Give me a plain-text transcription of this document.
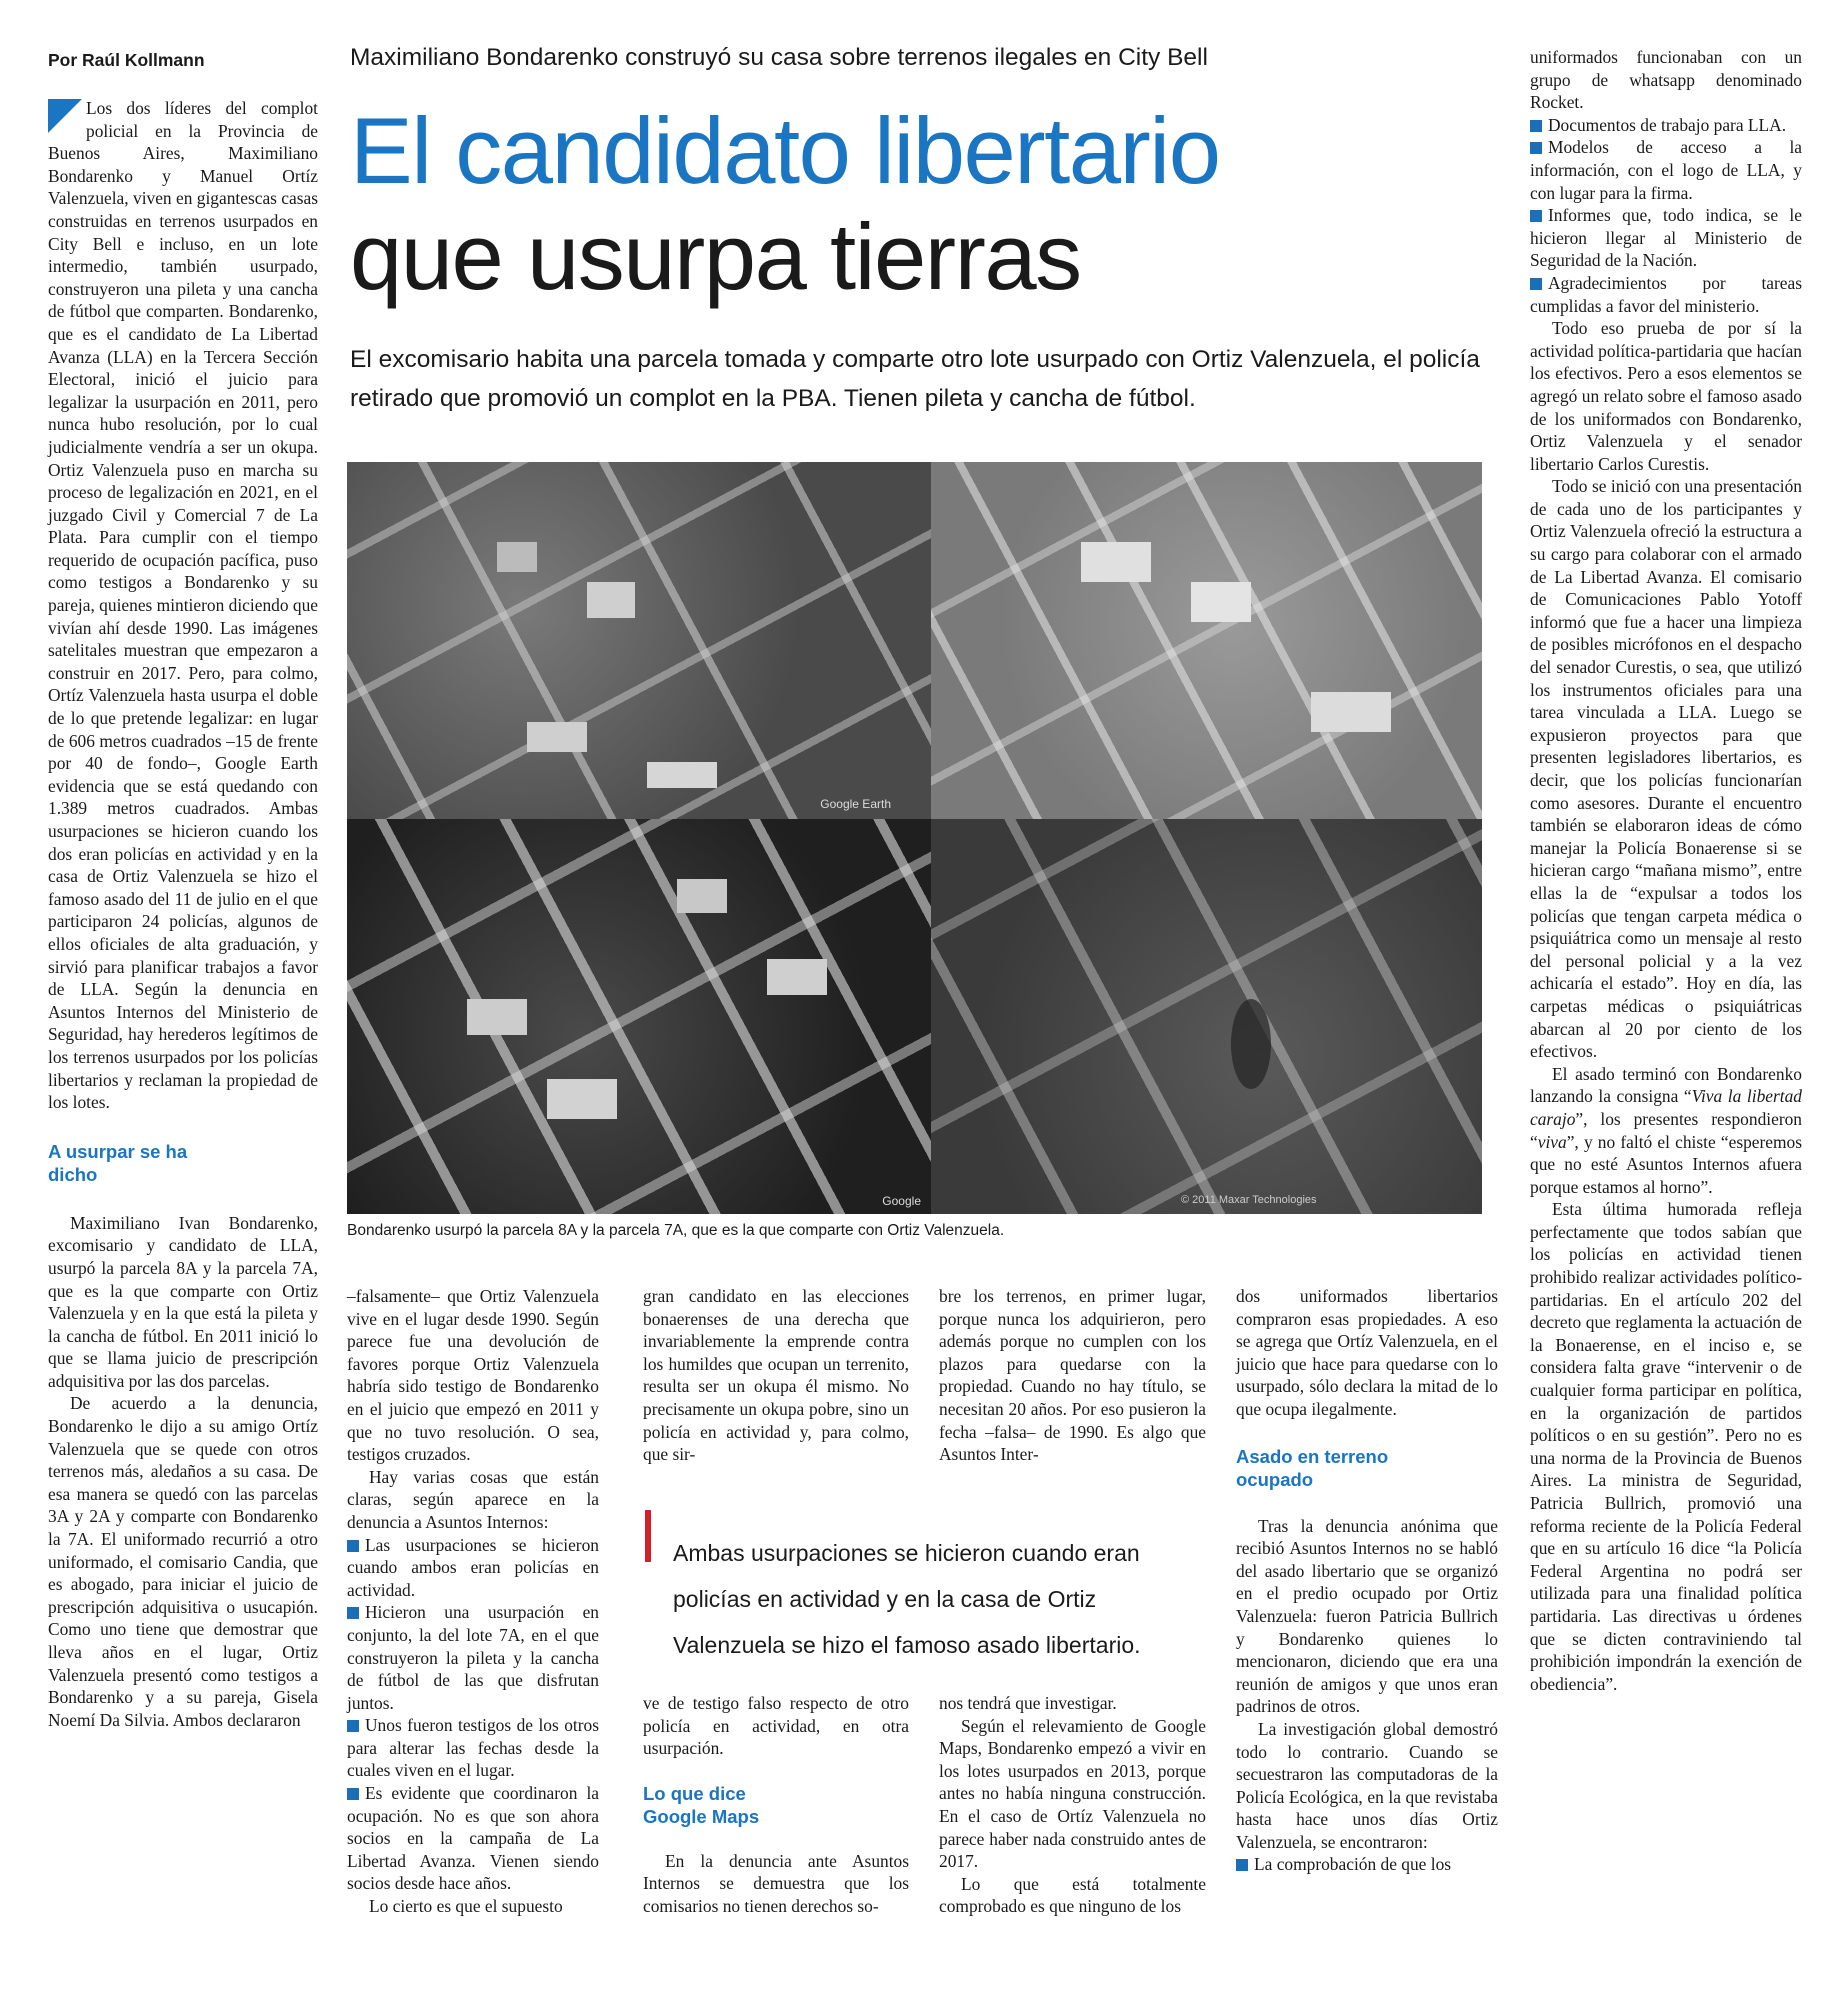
Por Raúl Kollmann	Maximiliano Bondarenko construyó su casa sobre terrenos ilegales en City Bell
El candidato libertario
que usurpa tierras
El excomisario habita una parcela tomada y comparte otro lote usurpado con Ortiz Valenzuela, el policía retirado que promovió un complot en la PBA. Tienen pileta y cancha de fútbol.
Google Earth
Google	© 2011 Maxar Technologies
Bondarenko usurpó la parcela 8A y la parcela 7A, que es la que comparte con Ortiz Valenzuela.

Los dos líderes del complot policial en la Provincia de Buenos Aires, Maximiliano Bondarenko y Manuel Ortíz Valenzuela, viven en gigantescas casas construidas en terrenos usurpados en City Bell e incluso, en un lote intermedio, también usurpado, construyeron una pileta y una cancha de fútbol que comparten. Bondarenko, que es el candidato de La Libertad Avanza (LLA) en la Tercera Sección Electoral, inició el juicio para legalizar la usurpación en 2011, pero nunca hubo resolución, por lo cual judicialmente vendría a ser un okupa. Ortiz Valenzuela puso en marcha su proceso de legalización en 2021, en el juzgado Civil y Comercial 7 de La Plata. Para cumplir con el tiempo requerido de ocupación pacífica, puso como testigos a Bondarenko y su pareja, quienes mintieron diciendo que vivían ahí desde 1990. Las imágenes satelitales muestran que empezaron a construir en 2017. Pero, para colmo, Ortíz Valenzuela hasta usurpa el doble de lo que pretende legalizar: en lugar de 606 metros cuadrados –15 de frente por 40 de fondo–, Google Earth evidencia que se está quedando con 1.389 metros cuadrados. Ambas usurpaciones se hicieron cuando los dos eran policías en actividad y en la casa de Ortiz Valenzuela se hizo el famoso asado del 11 de julio en el que participaron 24 policías, algunos de ellos oficiales de alta graduación, y sirvió para planificar trabajos a favor de LLA. Según la denuncia en Asuntos Internos del Ministerio de Seguridad, hay herederos legítimos de los terrenos usurpados por los policías libertarios y reclaman la propiedad de los lotes.

A usurpar se ha dicho

Maximiliano Ivan Bondarenko, excomisario y candidato de LLA, usurpó la parcela 8A y la parcela 7A, que es la que comparte con Ortiz Valenzuela y en la que está la pileta y la cancha de fútbol. En 2011 inició lo que se llama juicio de prescripción adquisitiva por las dos parcelas.

De acuerdo a la denuncia, Bondarenko le dijo a su amigo Ortíz Valenzuela que se quede con otros terrenos más, aledaños a su casa. De esa manera se quedó con las parcelas 3A y 2A y comparte con Bondarenko la 7A. El uniformado recurrió a otro uniformado, el comisario Candia, que es abogado, para iniciar el juicio de prescripción adquisitiva o usucapión. Como uno tiene que demostrar que lleva años en el lugar, Ortiz Valenzuela presentó como testigos a Bondarenko y a su pareja, Gisela Noemí Da Silvia. Ambos declararon

–falsamente– que Ortiz Valenzuela vive en el lugar desde 1990. Según parece fue una devolución de favores porque Ortiz Valenzuela habría sido testigo de Bondarenko en el juicio que empezó en 2011 y que no tuvo resolución. O sea, testigos cruzados.

Hay varias cosas que están claras, según aparece en la denuncia a Asuntos Internos:

Las usurpaciones se hicieron cuando ambos eran policías en actividad.

Hicieron una usurpación en conjunto, la del lote 7A, en el que construyeron la pileta y la cancha de fútbol de las que disfrutan juntos.

Unos fueron testigos de los otros para alterar las fechas desde la cuales viven en el lugar.

Es evidente que coordinaron la ocupación. No es que son ahora socios en la campaña de La Libertad Avanza. Vienen siendo socios desde hace años.

Lo cierto es que el supuesto

gran candidato en las elecciones bonaerenses de una derecha que invariablemente la emprende contra los humildes que ocupan un terrenito, resulta ser un okupa él mismo. No precisamente un okupa pobre, sino un policía en actividad y, para colmo, que sir-

bre los terrenos, en primer lugar, porque nunca los adquirieron, pero además porque no cumplen con los plazos para quedarse con la propiedad. Cuando no hay título, se necesitan 20 años. Por eso pusieron la fecha –falsa– de 1990. Es algo que Asuntos Inter-

Ambas usurpaciones se hicieron cuando eran policías en actividad y en la casa de Ortiz Valenzuela se hizo el famoso asado libertario.

ve de testigo falso respecto de otro policía en actividad, en otra usurpación.

Lo que dice Google Maps

En la denuncia ante Asuntos Internos se demuestra que los comisarios no tienen derechos so-

nos tendrá que investigar.

Según el relevamiento de Google Maps, Bondarenko empezó a vivir en los lotes usurpados en 2013, porque antes no había ninguna construcción. En el caso de Ortíz Valenzuela no parece haber nada construido antes de 2017.

Lo que está totalmente comprobado es que ninguno de los

dos uniformados libertarios compraron esas propiedades. A eso se agrega que Ortíz Valenzuela, en el juicio que hace para quedarse con lo usurpado, sólo declara la mitad de lo que ocupa ilegalmente.

Asado en terreno ocupado

Tras la denuncia anónima que recibió Asuntos Internos no se habló del asado libertario que se organizó en el predio ocupado por Ortiz Valenzuela: fueron Patricia Bullrich y Bondarenko quienes lo mencionaron, diciendo que era una reunión de amigos y que unos eran padrinos de otros.

La investigación global demostró todo lo contrario. Cuando se secuestraron las computadoras de la Policía Ecológica, en la que revistaba hasta hace unos días Ortiz Valenzuela, se encontraron:

La comprobación de que los

uniformados funcionaban con un grupo de whatsapp denominado Rocket.

Documentos de trabajo para LLA.

Modelos de acceso a la información, con el logo de LLA, y con lugar para la firma.

Informes que, todo indica, se le hicieron llegar al Ministerio de Seguridad de la Nación.

Agradecimientos por tareas cumplidas a favor del ministerio.

Todo eso prueba de por sí la actividad política-partidaria que hacían los efectivos. Pero a esos elementos se agregó un relato sobre el famoso asado de los uniformados con Bondarenko, Ortiz Valenzuela y el senador libertario Carlos Curestis.

Todo se inició con una presentación de cada uno de los participantes y Ortiz Valenzuela ofreció la estructura a su cargo para colaborar con el armado de La Libertad Avanza. El comisario de Comunicaciones Pablo Yotoff informó que fue a hacer una limpieza de posibles micrófonos en el despacho del senador Curestis, o sea, que utilizó los instrumentos oficiales para una tarea vinculada a LLA. Luego se expusieron proyectos para que presenten legisladores libertarios, es decir, que los policías funcionarían como asesores. Durante el encuentro también se elaboraron ideas de cómo manejar la Policía Bonaerense si se hicieran cargo “mañana mismo”, entre ellas la de “expulsar a todos los policías que tengan carpeta médica o psiquiátrica como un mensaje al resto del personal policial y a la vez achicaría el estado”. Hoy en día, las carpetas médicas o psiquiátricas abarcan al 20 por ciento de los efectivos.

El asado terminó con Bondarenko lanzando la consigna “Viva la libertad carajo”, los presentes respondieron “viva”, y no faltó el chiste “esperemos que no esté Asuntos Internos afuera porque estamos al horno”.

Esta última humorada refleja perfectamente que todos sabían que los policías en actividad tienen prohibido realizar actividades político-partidarias. En el artículo 202 del decreto que reglamenta la actuación de la Bonaerense, en el inciso e, se considera falta grave “intervenir o de cualquier forma participar en política, en la organización de partidos políticos o en su gestión”. Pero no es una norma de la Provincia de Buenos Aires. La ministra de Seguridad, Patricia Bullrich, promovió una reforma reciente de la Policía Federal que en su artículo 16 dice “la Policía Federal Argentina no podrá ser utilizada para una finalidad política partidaria. Las directivas u órdenes que se dicten contraviniendo tal prohibición impondrán la exención de obediencia”.
